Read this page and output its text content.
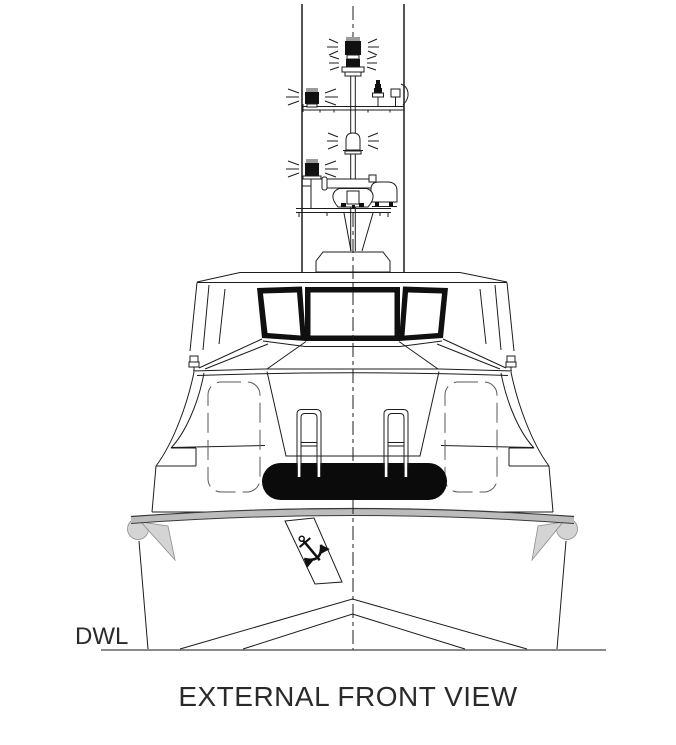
DWL
EXTERNAL FRONT VIEW
